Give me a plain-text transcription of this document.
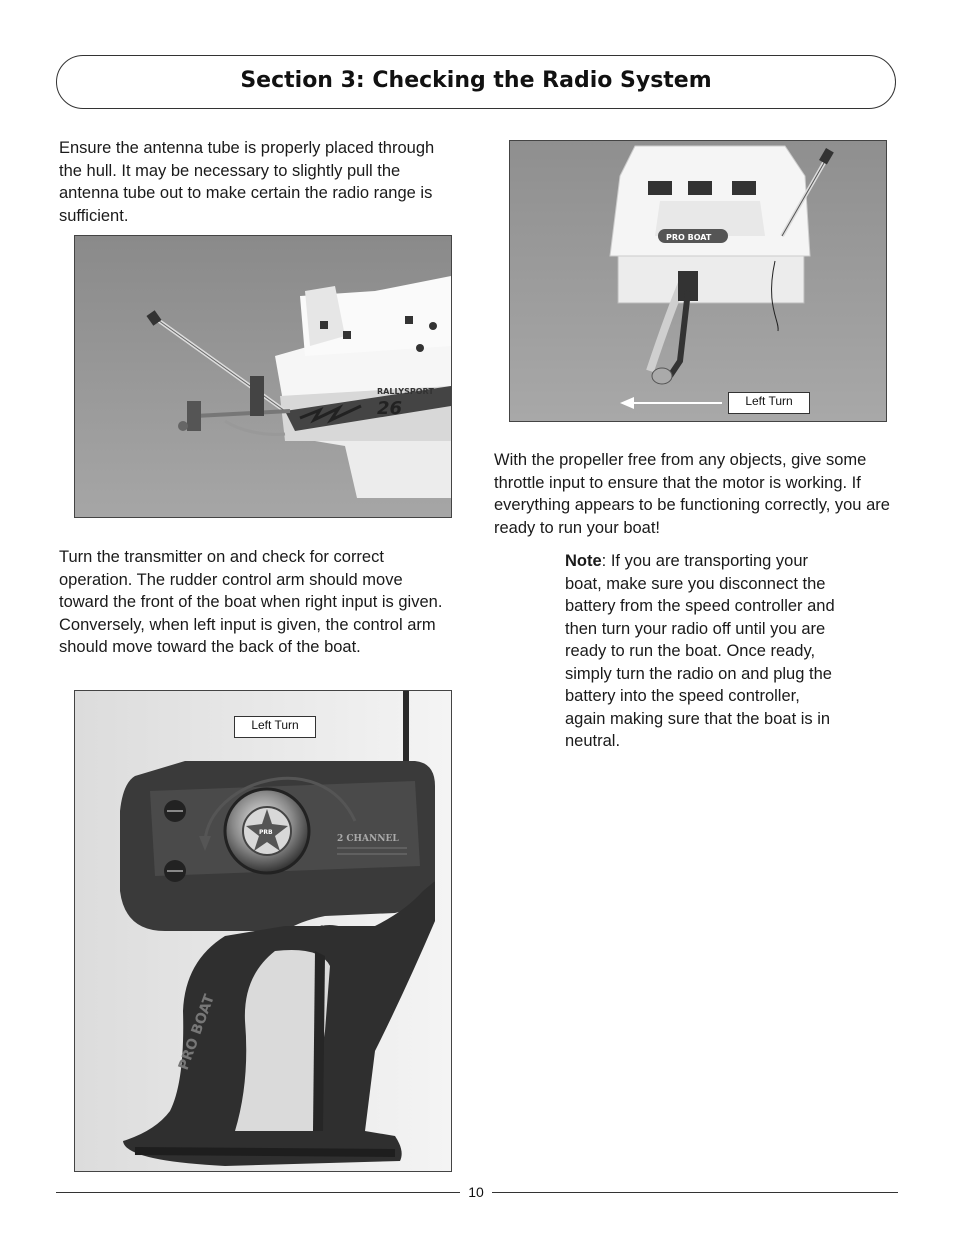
Section 3: Checking the Radio System

Ensure the antenna tube is properly placed through the hull. It may be necessary to slightly pull the antenna tube out to make certain the radio range is sufficient.

RALLYSPORT
26

Turn the transmitter on and check for correct operation. The rudder control arm should move toward the front of the boat when right input is given. Conversely, when left input is given, the control arm should move toward the back of the boat.

PRB
2 CHANNEL
PRO BOAT
Left Turn
PRO BOAT
Left Turn

With the propeller free from any objects, give some throttle input to ensure that the motor is working. If everything appears to be functioning correctly, you are ready to run your boat!

Note: If you are transporting your boat, make sure you disconnect the battery from the speed controller and then turn your radio off until you are ready to run the boat. Once ready, simply turn the radio on and plug the battery into the speed controller, again making sure that the boat is in neutral.

10
